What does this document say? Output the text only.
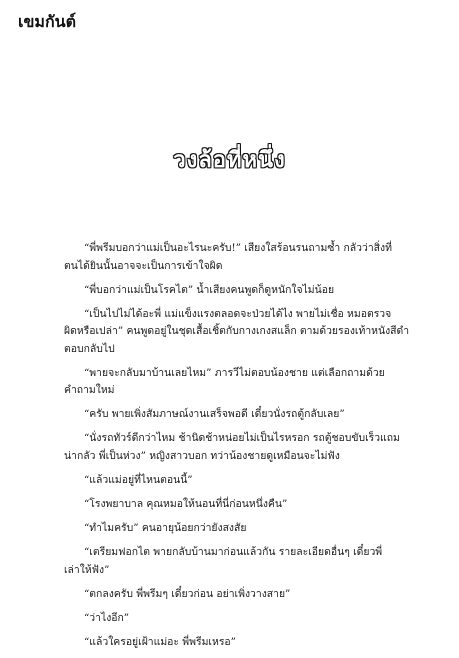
เขมกันต์
วงล้อที่หนึ่ง
“พี่พรีมบอกว่าแม่เป็นอะไรนะครับ!” เสียงใสร้อนรนถามซ้ำ กลัวว่าสิ่งที่
ตนได้ยินนั้นอาจจะเป็นการเข้าใจผิด
“พี่บอกว่าแม่เป็นโรคไต” น้ำเสียงคนพูดก็ดูหนักใจไม่น้อย
“เป็นไปไม่ได้อะพี่ แม่แข็งแรงตลอดจะป่วยได้ไง พายไม่เชื่อ หมอตรวจ
ผิดหรือเปล่า” คนพูดอยู่ในชุดเสื้อเชิ้ตกับกางเกงสแล็ก ตามด้วยรองเท้าหนังสีดำ
ตอบกลับไป
“พายจะกลับมาบ้านเลยไหม” ภารวีไม่ตอบน้องชาย แต่เลือกถามด้วย
คำถามใหม่
“ครับ พายเพิ่งสัมภาษณ์งานเสร็จพอดี เดี๋ยวนั่งรถตู้กลับเลย”
“นั่งรถทัวร์ดีกว่าไหม ช้านิดช้าหน่อยไม่เป็นไรหรอก รถตู้ชอบขับเร็วแถม
น่ากลัว พี่เป็นห่วง” หญิงสาวบอก ทว่าน้องชายดูเหมือนจะไม่ฟัง
“แล้วแม่อยู่ที่ไหนตอนนี้”
“โรงพยาบาล คุณหมอให้นอนที่นี่ก่อนหนึ่งคืน”
“ทำไมครับ” คนอายุน้อยกว่ายังสงสัย
“เตรียมฟอกไต พายกลับบ้านมาก่อนแล้วกัน รายละเอียดอื่นๆ เดี๋ยวพี่
เล่าให้ฟัง”
“ตกลงครับ พี่พรีมๆ เดี๋ยวก่อน อย่าเพิ่งวางสาย”
“ว่าไงอีก”
“แล้วใครอยู่เฝ้าแม่อะ พี่พรีมเหรอ”
